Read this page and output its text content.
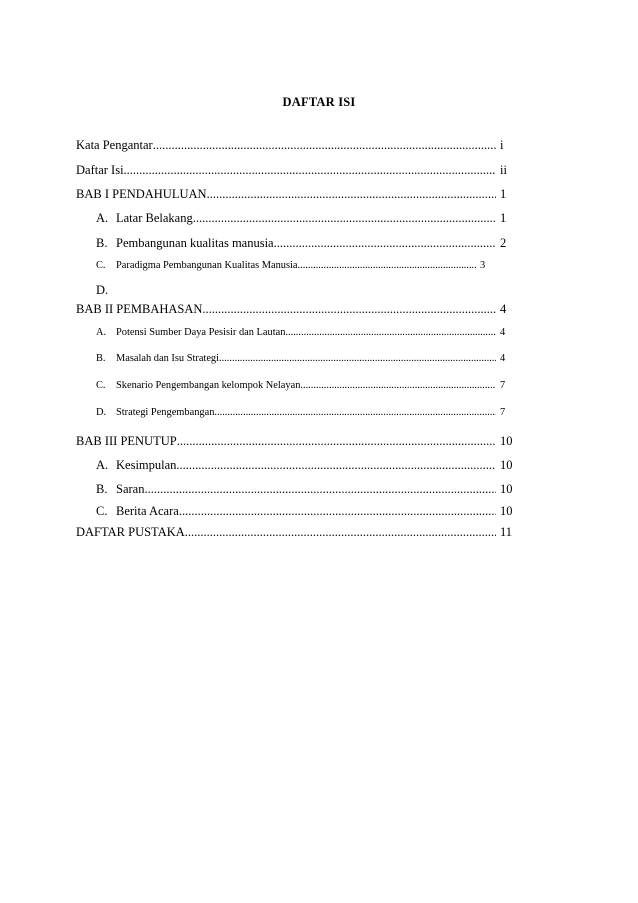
DAFTAR ISI
Kata Pengantar .....	i
Daftar Isi .....	ii
BAB I PENDAHULUAN .....	1
A. Latar Belakang .....	1
B. Pembangunan kualitas manusia .....	2
C.	Paradigma Pembangunan Kualitas Manusia .....	3
D.
BAB II PEMBAHASAN.... .....	4
A. Potensi Sumber Daya Pesisir dan Lautan .....	4
B.	Masalah dan Isu Strategi .....	4
C.	Skenario Pengembangan kelompok Nelayan .....	7
D. Strategi Pengembangan .....	7
BAB III PENUTUP .....	10
A. Kesimpulan .....	10
B. Saran .....	10
C. Berita Acara .....	10
DAFTAR PUSTAKA .....	11
